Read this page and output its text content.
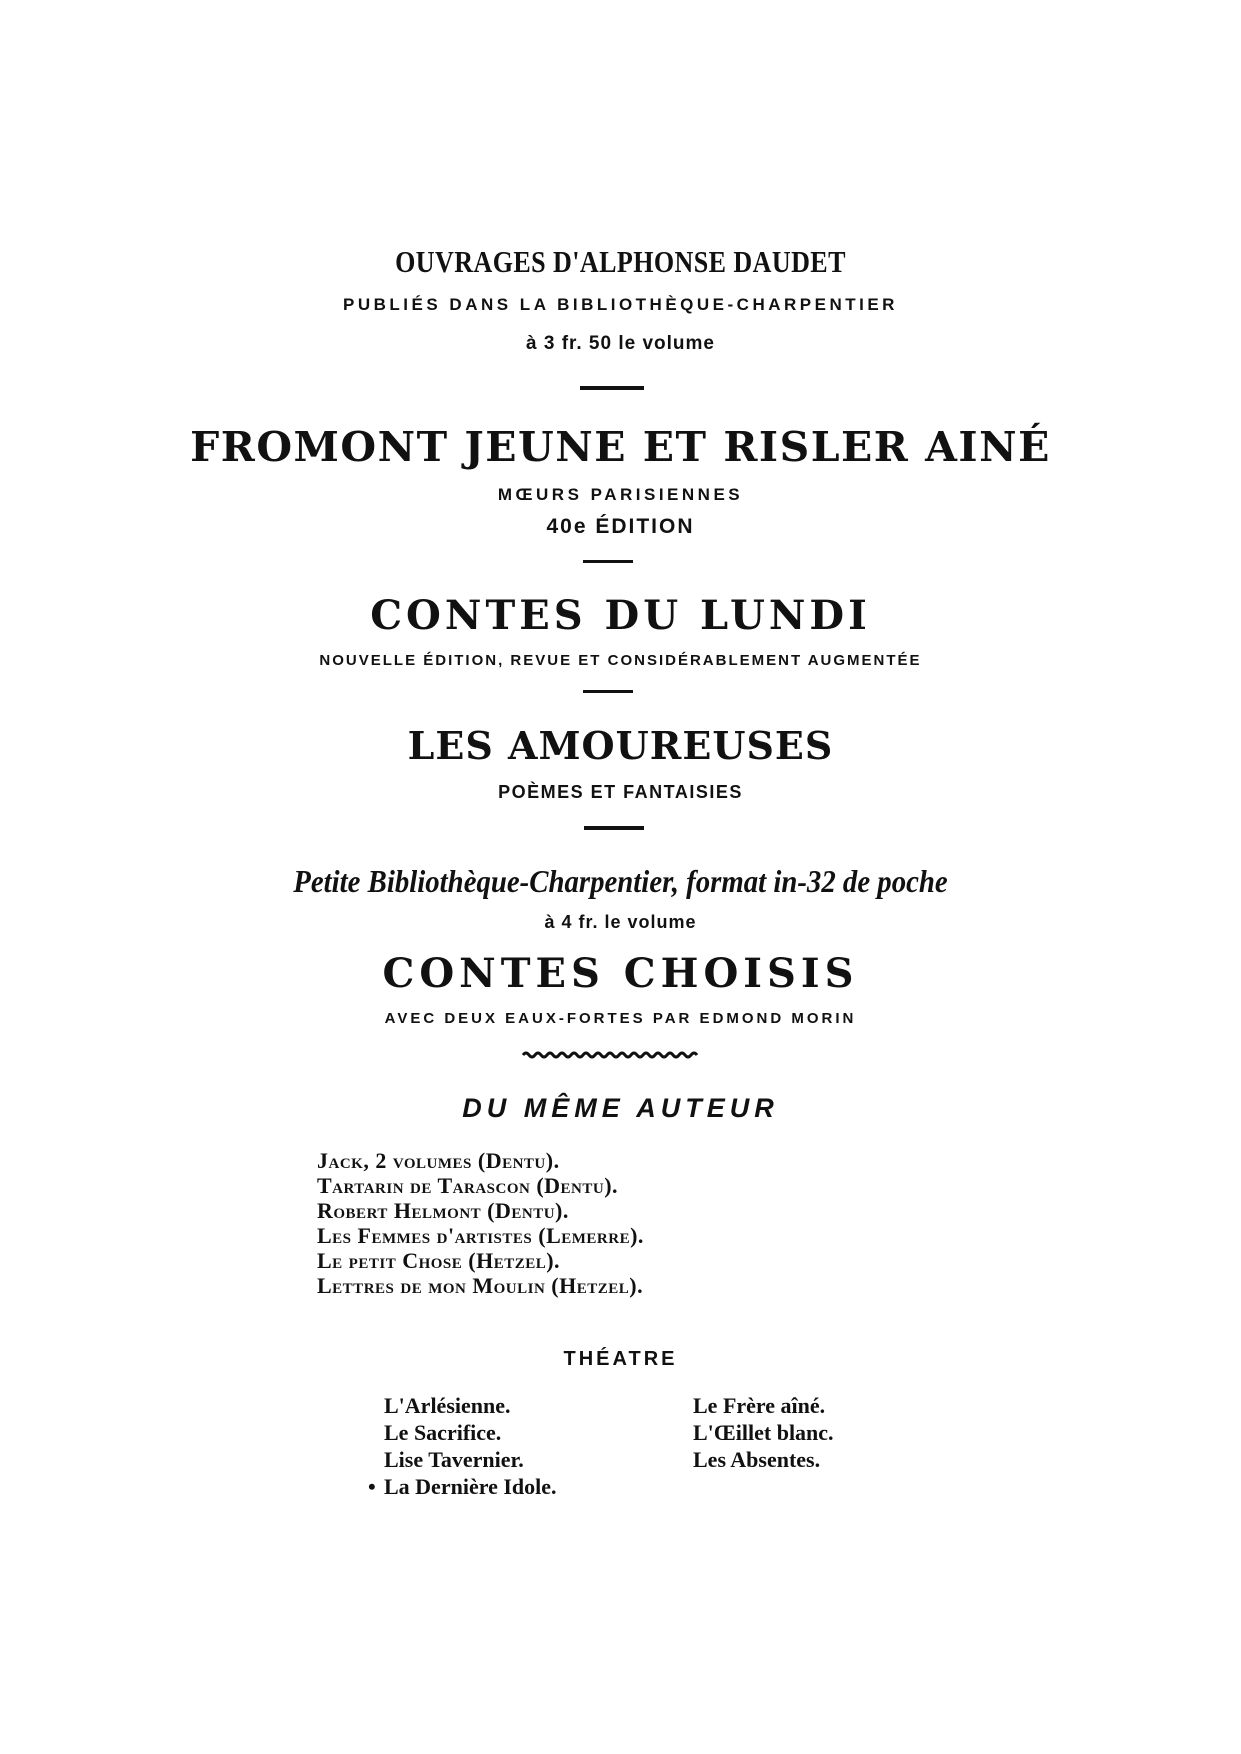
OUVRAGES D'ALPHONSE DAUDET
PUBLIÉS DANS LA BIBLIOTHÈQUE-CHARPENTIER
à 3 fr. 50 le volume
FROMONT JEUNE ET RISLER AINÉ
MŒURS PARISIENNES
40e ÉDITION
CONTES DU LUNDI
NOUVELLE ÉDITION, REVUE ET CONSIDÉRABLEMENT AUGMENTÉE
LES AMOUREUSES
POÈMES ET FANTAISIES
Petite Bibliothèque-Charpentier, format in-32 de poche
à 4 fr. le volume
CONTES CHOISIS
AVEC DEUX EAUX-FORTES PAR EDMOND MORIN
DU MÊME AUTEUR
Jack, 2 volumes (Dentu).
Tartarin de Tarascon (Dentu).
Robert Helmont (Dentu).
Les Femmes d'artistes (Lemerre).
Le petit Chose (Hetzel).
Lettres de mon Moulin (Hetzel).
THÉATRE
L'Arlésienne.
Le Sacrifice.
Lise Tavernier.
• La Dernière Idole.
Le Frère aîné.
L'Œillet blanc.
Les Absentes.
